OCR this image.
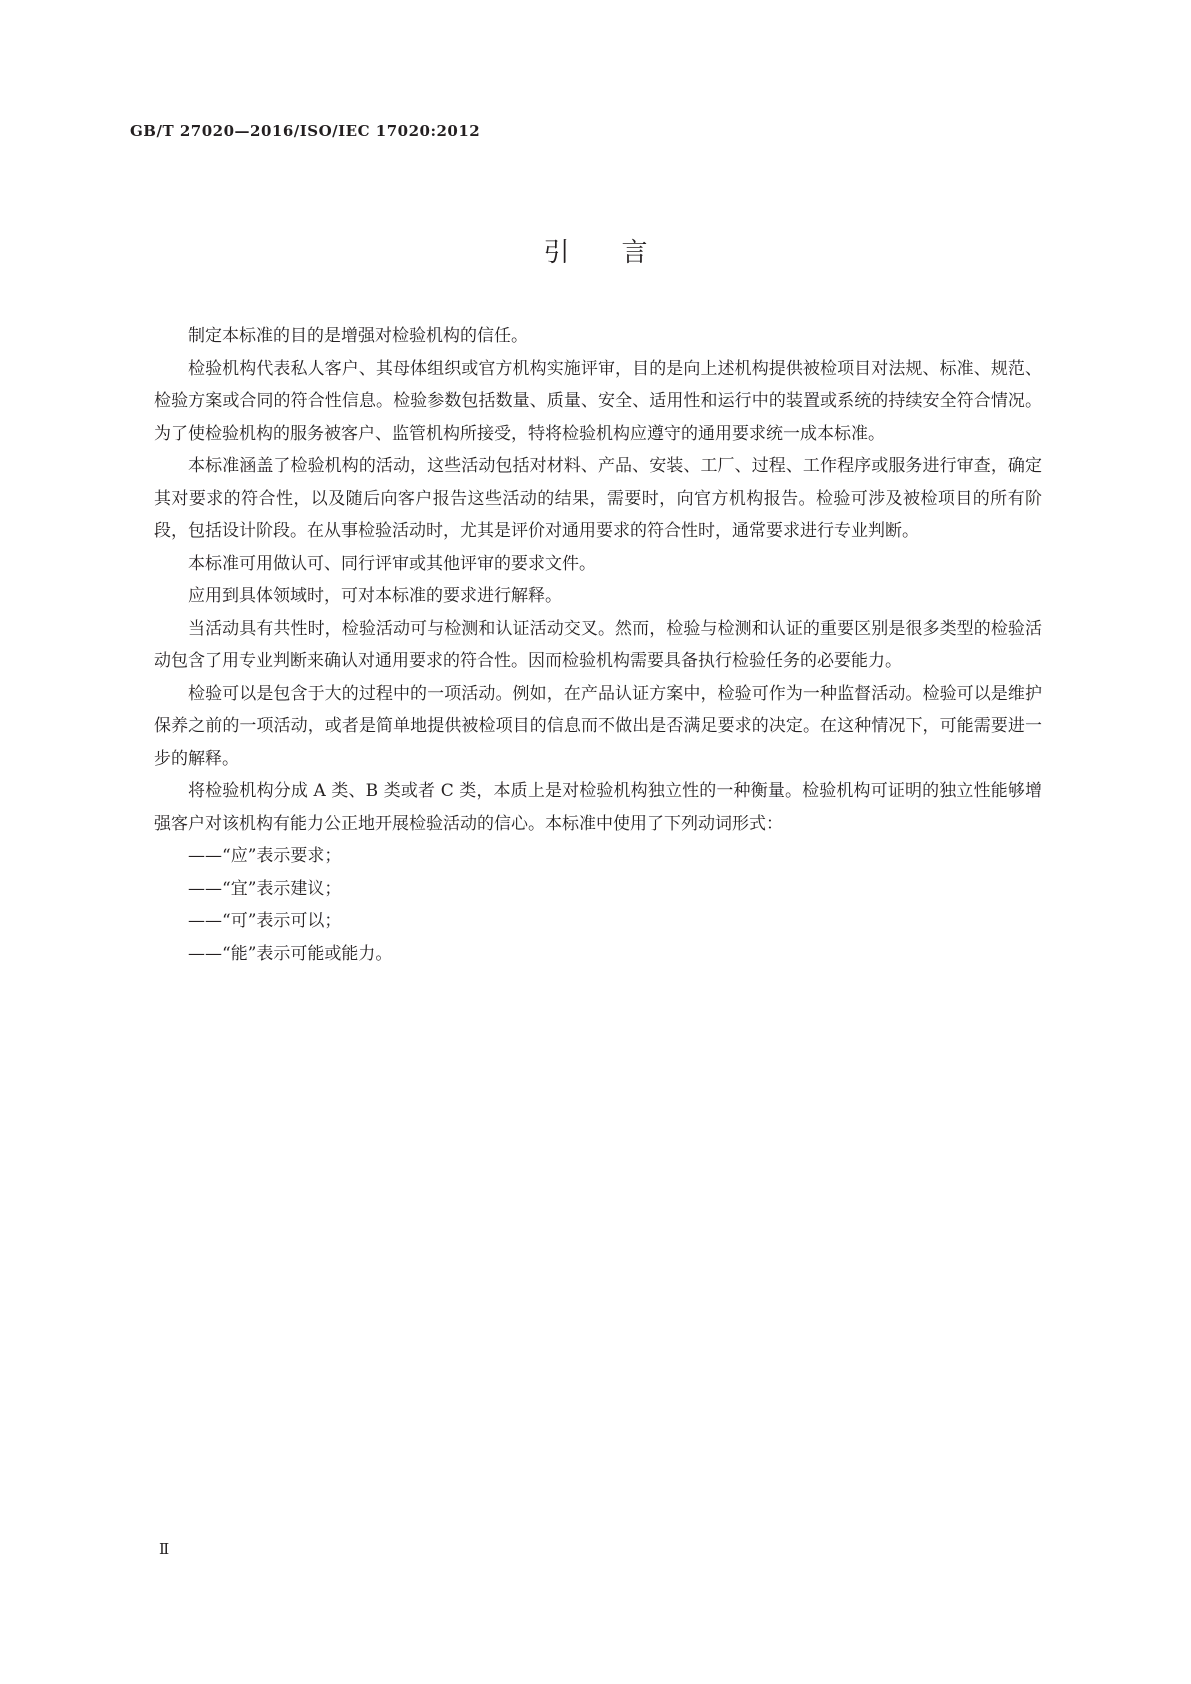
GB/T 27020—2016/ISO/IEC 17020:2012
引言

制定本标准的目的是增强对检验机构的信任。

检验机构代表私人客户、其母体组织或官方机构实施评审，目的是向上述机构提供被检项目对法规、标准、规范、检验方案或合同的符合性信息。检验参数包括数量、质量、安全、适用性和运行中的装置或系统的持续安全符合情况。为了使检验机构的服务被客户、监管机构所接受，特将检验机构应遵守的通用要求统一成本标准。

本标准涵盖了检验机构的活动，这些活动包括对材料、产品、安装、工厂、过程、工作程序或服务进行审查，确定其对要求的符合性，以及随后向客户报告这些活动的结果，需要时，向官方机构报告。检验可涉及被检项目的所有阶段，包括设计阶段。在从事检验活动时，尤其是评价对通用要求的符合性时，通常要求进行专业判断。

本标准可用做认可、同行评审或其他评审的要求文件。

应用到具体领域时，可对本标准的要求进行解释。

当活动具有共性时，检验活动可与检测和认证活动交叉。然而，检验与检测和认证的重要区别是很多类型的检验活动包含了用专业判断来确认对通用要求的符合性。因而检验机构需要具备执行检验任务的必要能力。

检验可以是包含于大的过程中的一项活动。例如，在产品认证方案中，检验可作为一种监督活动。检验可以是维护保养之前的一项活动，或者是简单地提供被检项目的信息而不做出是否满足要求的决定。在这种情况下，可能需要进一步的解释。

将检验机构分成 A 类、B 类或者 C 类，本质上是对检验机构独立性的一种衡量。检验机构可证明的独立性能够增强客户对该机构有能力公正地开展检验活动的信心。本标准中使用了下列动词形式：

——“应”表示要求；

——“宜”表示建议；

——“可”表示可以；

——“能”表示可能或能力。

Ⅱ
